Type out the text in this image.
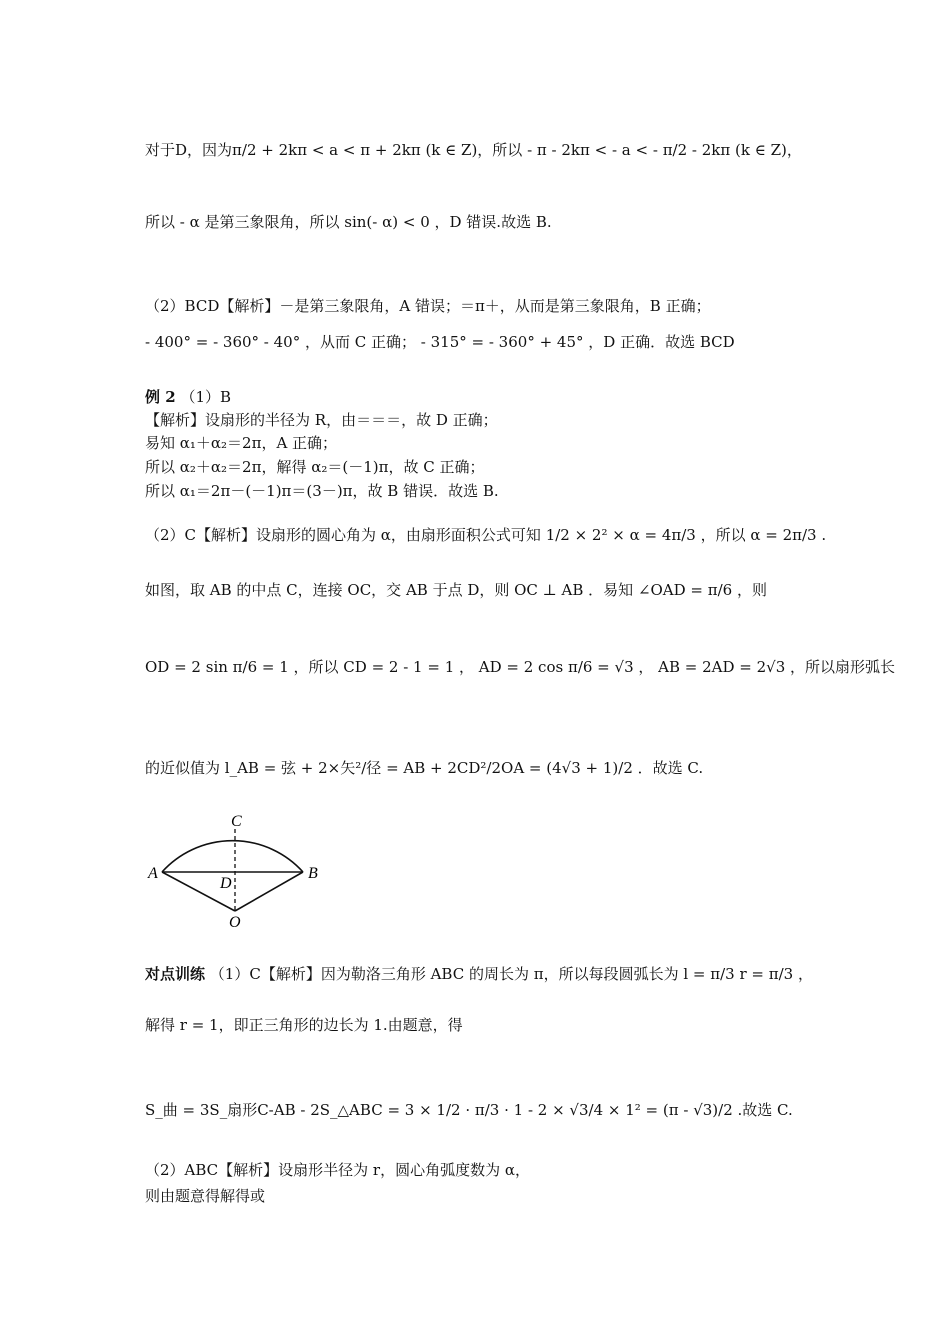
对于D，因为π/2 + 2kπ < a < π + 2kπ (k ∈ Z)，所以 - π - 2kπ < - a < - π/2 - 2kπ (k ∈ Z)，
所以 - α 是第三象限角，所以 sin(- α) < 0 ，D 错误.故选 B.
（2）BCD【解析】－是第三象限角，A 错误；＝π＋，从而是第三象限角，B 正确；
- 400° = - 360° - 40° ，从而 C 正确； - 315° = - 360° + 45° ，D 正确．故选 BCD
例 2 （1）B
【解析】设扇形的半径为 R，由＝＝＝，故 D 正确；
易知 α₁＋α₂＝2π，A 正确；
所以 α₂＋α₂＝2π，解得 α₂＝(－1)π，故 C 正确；
所以 α₁＝2π－(－1)π＝(3－)π，故 B 错误．故选 B.
（2）C【解析】设扇形的圆心角为 α，由扇形面积公式可知 1/2 × 2² × α = 4π/3 ，所以 α = 2π/3 .
如图，取 AB 的中点 C，连接 OC，交 AB 于点 D，则 OC ⊥ AB ．易知 ∠OAD = π/6 ，则
OD = 2 sin π/6 = 1 ，所以 CD = 2 - 1 = 1 ， AD = 2 cos π/6 = √3 ， AB = 2AD = 2√3 ，所以扇形弧长
的近似值为 l_AB = 弦 + 2×矢²/径 = AB + 2CD²/2OA = (4√3 + 1)/2 ．故选 C.
A	B
C
D
O
对点训练 （1）C【解析】因为勒洛三角形 ABC 的周长为 π，所以每段圆弧长为 l = π/3 r = π/3 ，
解得 r = 1，即正三角形的边长为 1.由题意，得
S_曲 = 3S_扇形C-AB - 2S_△ABC = 3 × 1/2 · π/3 · 1 - 2 × √3/4 × 1² = (π - √3)/2 .故选 C.
（2）ABC【解析】设扇形半径为 r，圆心角弧度数为 α，
则由题意得解得或
